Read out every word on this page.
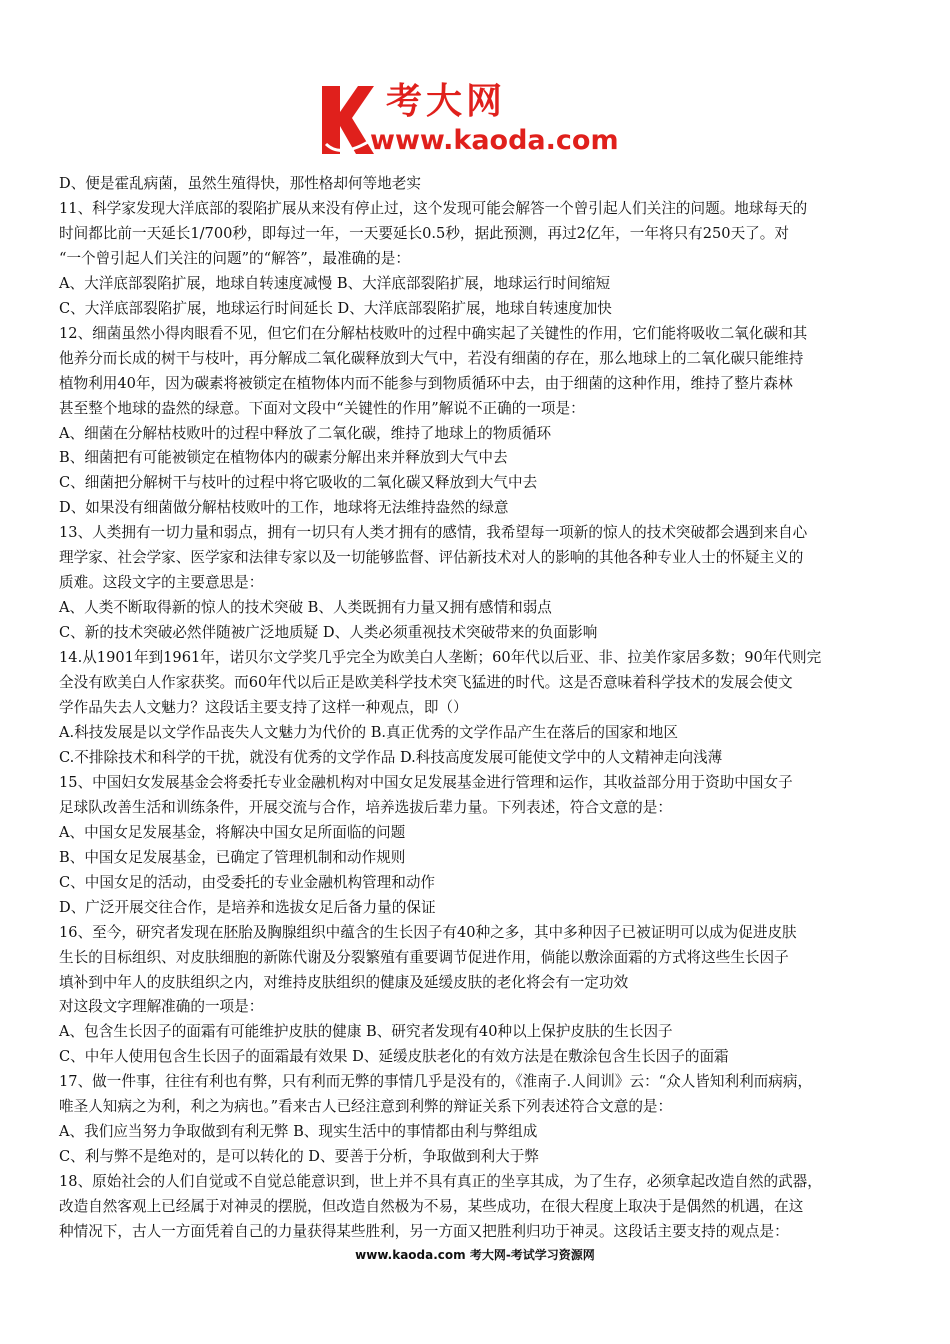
考大网
www.kaoda.com
D、便是霍乱病菌，虽然生殖得快，那性格却何等地老实
11、科学家发现大洋底部的裂陷扩展从来没有停止过，这个发现可能会解答一个曾引起人们关注的问题。地球每天的
时间都比前一天延长1/700秒，即每过一年，一天要延长0.5秒，据此预测，再过2亿年，一年将只有250天了。对
“一个曾引起人们关注的问题”的“解答”，最准确的是：
A、大洋底部裂陷扩展，地球自转速度减慢 B、大洋底部裂陷扩展，地球运行时间缩短
C、大洋底部裂陷扩展，地球运行时间延长 D、大洋底部裂陷扩展，地球自转速度加快
12、细菌虽然小得肉眼看不见，但它们在分解枯枝败叶的过程中确实起了关键性的作用，它们能将吸收二氧化碳和其
他养分而长成的树干与枝叶，再分解成二氧化碳释放到大气中，若没有细菌的存在，那么地球上的二氧化碳只能维持
植物利用40年，因为碳素将被锁定在植物体内而不能参与到物质循环中去，由于细菌的这种作用，维持了整片森林
甚至整个地球的盎然的绿意。下面对文段中“关键性的作用”解说不正确的一项是：
A、细菌在分解枯枝败叶的过程中释放了二氧化碳，维持了地球上的物质循环
B、细菌把有可能被锁定在植物体内的碳素分解出来并释放到大气中去
C、细菌把分解树干与枝叶的过程中将它吸收的二氧化碳又释放到大气中去
D、如果没有细菌做分解枯枝败叶的工作，地球将无法维持盎然的绿意
13、人类拥有一切力量和弱点，拥有一切只有人类才拥有的感情，我希望每一项新的惊人的技术突破都会遇到来自心
理学家、社会学家、医学家和法律专家以及一切能够监督、评估新技术对人的影响的其他各种专业人士的怀疑主义的
质难。这段文字的主要意思是：
A、人类不断取得新的惊人的技术突破 B、人类既拥有力量又拥有感情和弱点
C、新的技术突破必然伴随被广泛地质疑 D、人类必须重视技术突破带来的负面影响
14.从1901年到1961年，诺贝尔文学奖几乎完全为欧美白人垄断；60年代以后亚、非、拉美作家居多数；90年代则完
全没有欧美白人作家获奖。而60年代以后正是欧美科学技术突飞猛进的时代。这是否意味着科学技术的发展会使文
学作品失去人文魅力？这段话主要支持了这样一种观点，即（）
A.科技发展是以文学作品丧失人文魅力为代价的 B.真正优秀的文学作品产生在落后的国家和地区
C.不排除技术和科学的干扰，就没有优秀的文学作品 D.科技高度发展可能使文学中的人文精神走向浅薄
15、中国妇女发展基金会将委托专业金融机构对中国女足发展基金进行管理和运作，其收益部分用于资助中国女子
足球队改善生活和训练条件，开展交流与合作，培养选拔后辈力量。下列表述，符合文意的是：
A、中国女足发展基金，将解决中国女足所面临的问题
B、中国女足发展基金，已确定了管理机制和动作规则
C、中国女足的活动，由受委托的专业金融机构管理和动作
D、广泛开展交往合作，是培养和选拔女足后备力量的保证
16、至今，研究者发现在胚胎及胸腺组织中蕴含的生长因子有40种之多，其中多种因子已被证明可以成为促进皮肤
生长的目标组织、对皮肤细胞的新陈代谢及分裂繁殖有重要调节促进作用，倘能以敷涂面霜的方式将这些生长因子
填补到中年人的皮肤组织之内，对维持皮肤组织的健康及延缓皮肤的老化将会有一定功效
对这段文字理解准确的一项是：
A、包含生长因子的面霜有可能维护皮肤的健康 B、研究者发现有40种以上保护皮肤的生长因子
C、中年人使用包含生长因子的面霜最有效果 D、延缓皮肤老化的有效方法是在敷涂包含生长因子的面霜
17、做一件事，往往有利也有弊，只有利而无弊的事情几乎是没有的，《淮南子.人间训》云：“众人皆知利利而病病，
唯圣人知病之为利，利之为病也。”看来古人已经注意到利弊的辩证关系下列表述符合文意的是：
A、我们应当努力争取做到有利无弊 B、现实生活中的事情都由利与弊组成
C、利与弊不是绝对的，是可以转化的 D、要善于分析，争取做到利大于弊
18、原始社会的人们自觉或不自觉总能意识到，世上并不具有真正的坐享其成，为了生存，必须拿起改造自然的武器，
改造自然客观上已经属于对神灵的摆脱，但改造自然极为不易，某些成功，在很大程度上取决于是偶然的机遇，在这
种情况下，古人一方面凭着自己的力量获得某些胜利，另一方面又把胜利归功于神灵。这段话主要支持的观点是：
www.kaoda.com 考大网-考试学习资源网
